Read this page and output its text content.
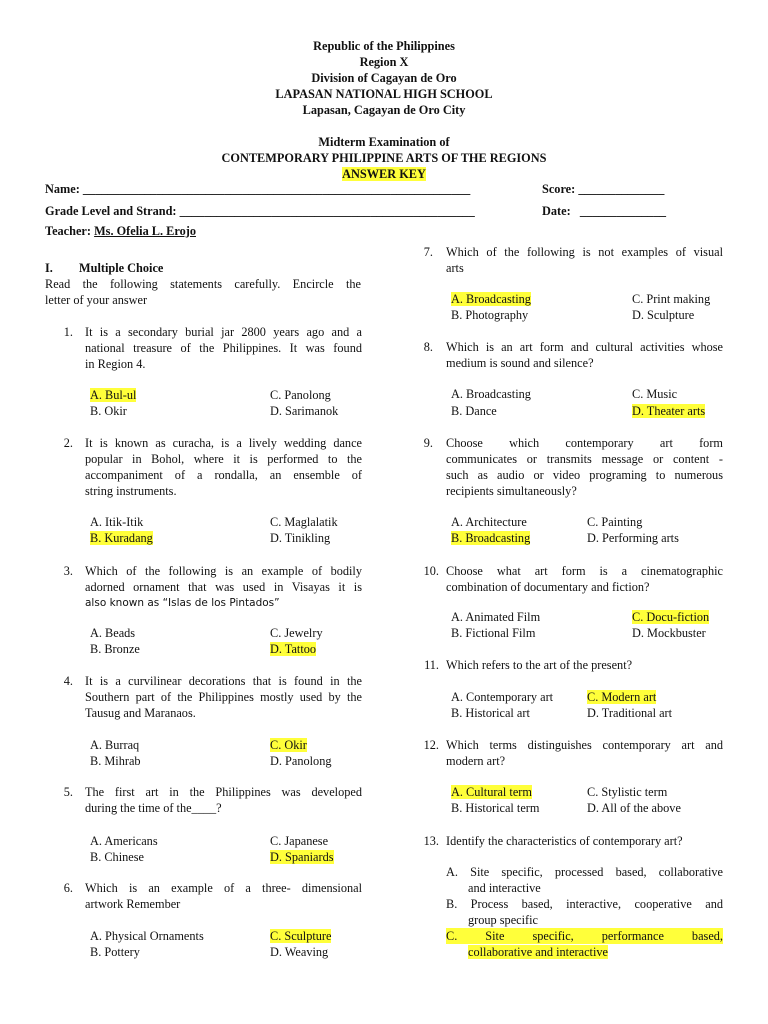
Republic of the Philippines
Region X
Division of Cagayan de Oro
LAPASAN NATIONAL HIGH SCHOOL
Lapasan, Cagayan de Oro City
Midterm Examination of
CONTEMPORARY PHILIPPINE ARTS OF THE REGIONS
ANSWER KEY
Name: _______________________________________________________________	Score: ______________
Grade Level and Strand: ________________________________________________	Date: ______________
Teacher: Ms. Ofelia L. Erojo
I. Multiple Choice
Read the following statements carefully. Encircle the
letter of your answer
1. It is a secondary burial jar 2800 years ago and a
national treasure of the Philippines. It was found
in Region 4.
A. Bul-ul
B. Okir
C. Panolong
D. Sarimanok
2. It is known as curacha, is a lively wedding dance
popular in Bohol, where it is performed to the
accompaniment of a rondalla, an ensemble of
string instruments.
A. Itik-Itik
B. Kuradang
C. Maglalatik
D. Tinikling
3. Which of the following is an example of bodily
adorned ornament that was used in Visayas it is
also known as “Islas de los Pintados”
A. Beads
B. Bronze
C. Jewelry
D. Tattoo
4. It is a curvilinear decorations that is found in the
Southern part of the Philippines mostly used by the
Tausug and Maranaos.
A. Burraq
B. Mihrab
C. Okir
D. Panolong
5. The first art in the Philippines was developed
during the time of the____?
A. Americans
B. Chinese
C. Japanese
D. Spaniards
6. Which is an example of a three- dimensional
artwork Remember
A. Physical Ornaments
B. Pottery
C. Sculpture
D. Weaving
7. Which of the following is not examples of visual
arts
A. Broadcasting
B. Photography
C. Print making
D. Sculpture
8. Which is an art form and cultural activities whose
medium is sound and silence?
A. Broadcasting
B. Dance
C. Music
D. Theater arts
9. Choose which contemporary art form
communicates or transmits message or content -
such as audio or video programing to numerous
recipients simultaneously?
A. Architecture
B. Broadcasting
C. Painting
D. Performing arts
10. Choose what art form is a cinematographic
combination of documentary and fiction?
A. Animated Film
B. Fictional Film
C. Docu-fiction
D. Mockbuster
11. Which refers to the art of the present?
A. Contemporary art
B. Historical art
C. Modern art
D. Traditional art
12. Which terms distinguishes contemporary art and
modern art?
A. Cultural term
B. Historical term
C. Stylistic term
D. All of the above
13. Identify the characteristics of contemporary art?
A. Site specific, processed based, collaborative
and interactive
B. Process based, interactive, cooperative and
group specific
C. Site specific, performance based,
collaborative and interactive
